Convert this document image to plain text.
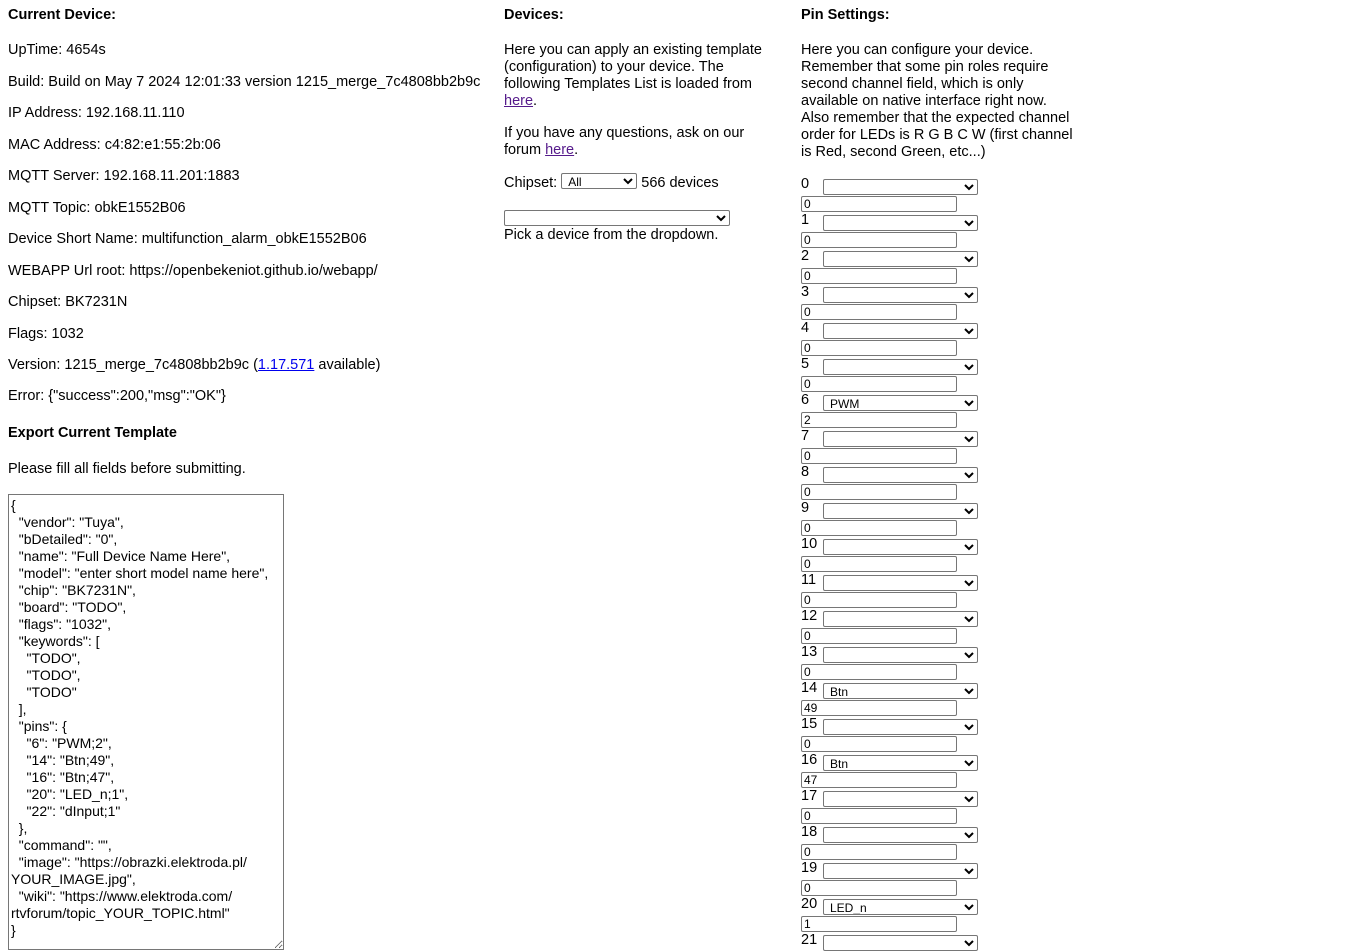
Current Device:
UpTime: 4654s
Build: Build on May 7 2024 12:01:33 version 1215_merge_7c4808bb2b9c
IP Address: 192.168.11.110
MAC Address: c4:82:e1:55:2b:06
MQTT Server: 192.168.11.201:1883
MQTT Topic: obkE1552B06
Device Short Name: multifunction_alarm_obkE1552B06
WEBAPP Url root: https://openbekeniot.github.io/webapp/
Chipset: BK7231N
Flags: 1032
Version: 1215_merge_7c4808bb2b9c (1.17.571 available)
Error: {"success":200,"msg":"OK"}
Export Current Template
Please fill all fields before submitting.
{ "vendor": "Tuya", "bDetailed": "0", "name": "Full Device Name Here", "model": "enter short model name here", "chip": "BK7231N", "board": "TODO", "flags": "1032", "keywords": [ "TODO", "TODO", "TODO" ], "pins": { "6": "PWM;2", "14": "Btn;49", "16": "Btn;47", "20": "LED_n;1", "22": "dInput;1" }, "command": "", "image": "https://obrazki.elektroda.pl/ YOUR_IMAGE.jpg", "wiki": "https://www.elektroda.com/ rtvforum/topic_YOUR_TOPIC.html" }
Devices:
Here you can apply an existing template
(configuration) to your device. The
following Templates List is loaded from
here.
If you have any questions, ask on our
forum here.
Chipset:
All	566 devices
Pick a device from the dropdown.
Pin Settings:
Here you can configure your device.
Remember that some pin roles require
second channel field, which is only
available on native interface right now.
Also remember that the expected channel
order for LEDs is R G B C W (first channel
is Red, second Green, etc...)
0
0
1
0
2
0
3
0
4
0
5
0
6
PWM
2
7
0
8
0
9
0
10
0
11
0
12
0
13
0
14
Btn
49
15
0
16
Btn
47
17
0
18
0
19
0
20
LED_n
1
21
